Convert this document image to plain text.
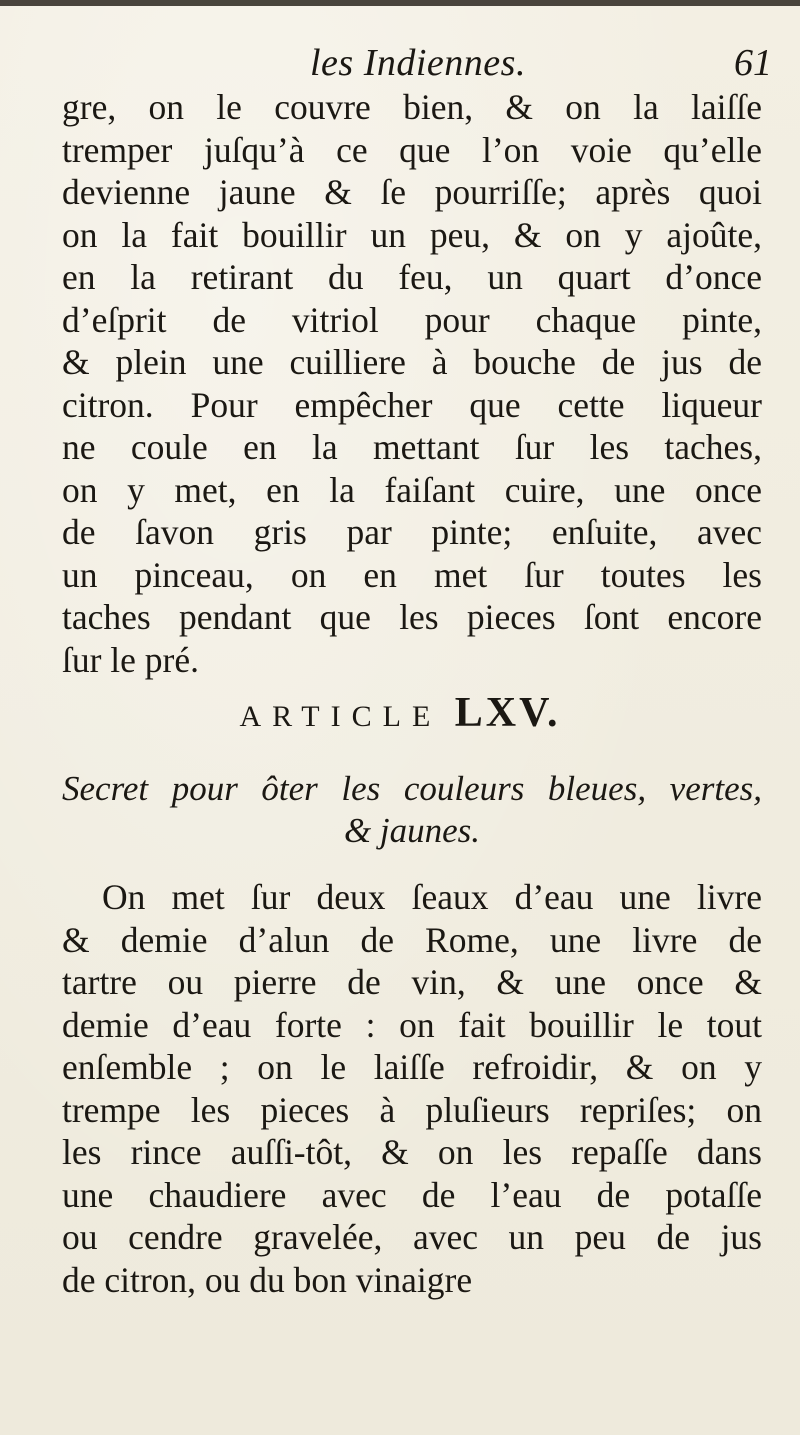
les Indiennes.	61
gre, on le couvre bien, & on la laiſſe
tremper juſqu’à ce que l’on voie qu’elle
devienne jaune & ſe pourriſſe; après quoi
on la fait bouillir un peu, & on y ajoûte,
en la retirant du feu, un quart d’once
d’eſprit de vitriol pour chaque pinte,
& plein une cuilliere à bouche de jus de
citron. Pour empêcher que cette liqueur
ne coule en la mettant ſur les taches,
on y met, en la faiſant cuire, une once
de ſavon gris par pinte; enſuite, avec
un pinceau, on en met ſur toutes les
taches pendant que les pieces ſont encore
ſur le pré.
ARTICLE LXV.
Secret pour ôter les couleurs bleues, vertes,
& jaunes.
On met ſur deux ſeaux d’eau une livre
& demie d’alun de Rome, une livre de
tartre ou pierre de vin, & une once &
demie d’eau forte : on fait bouillir le tout
enſemble ; on le laiſſe refroidir, & on y
trempe les pieces à pluſieurs repriſes; on
les rince auſſi-tôt, & on les repaſſe dans
une chaudiere avec de l’eau de potaſſe
ou cendre gravelée, avec un peu de jus
de citron, ou du bon vinaigre
